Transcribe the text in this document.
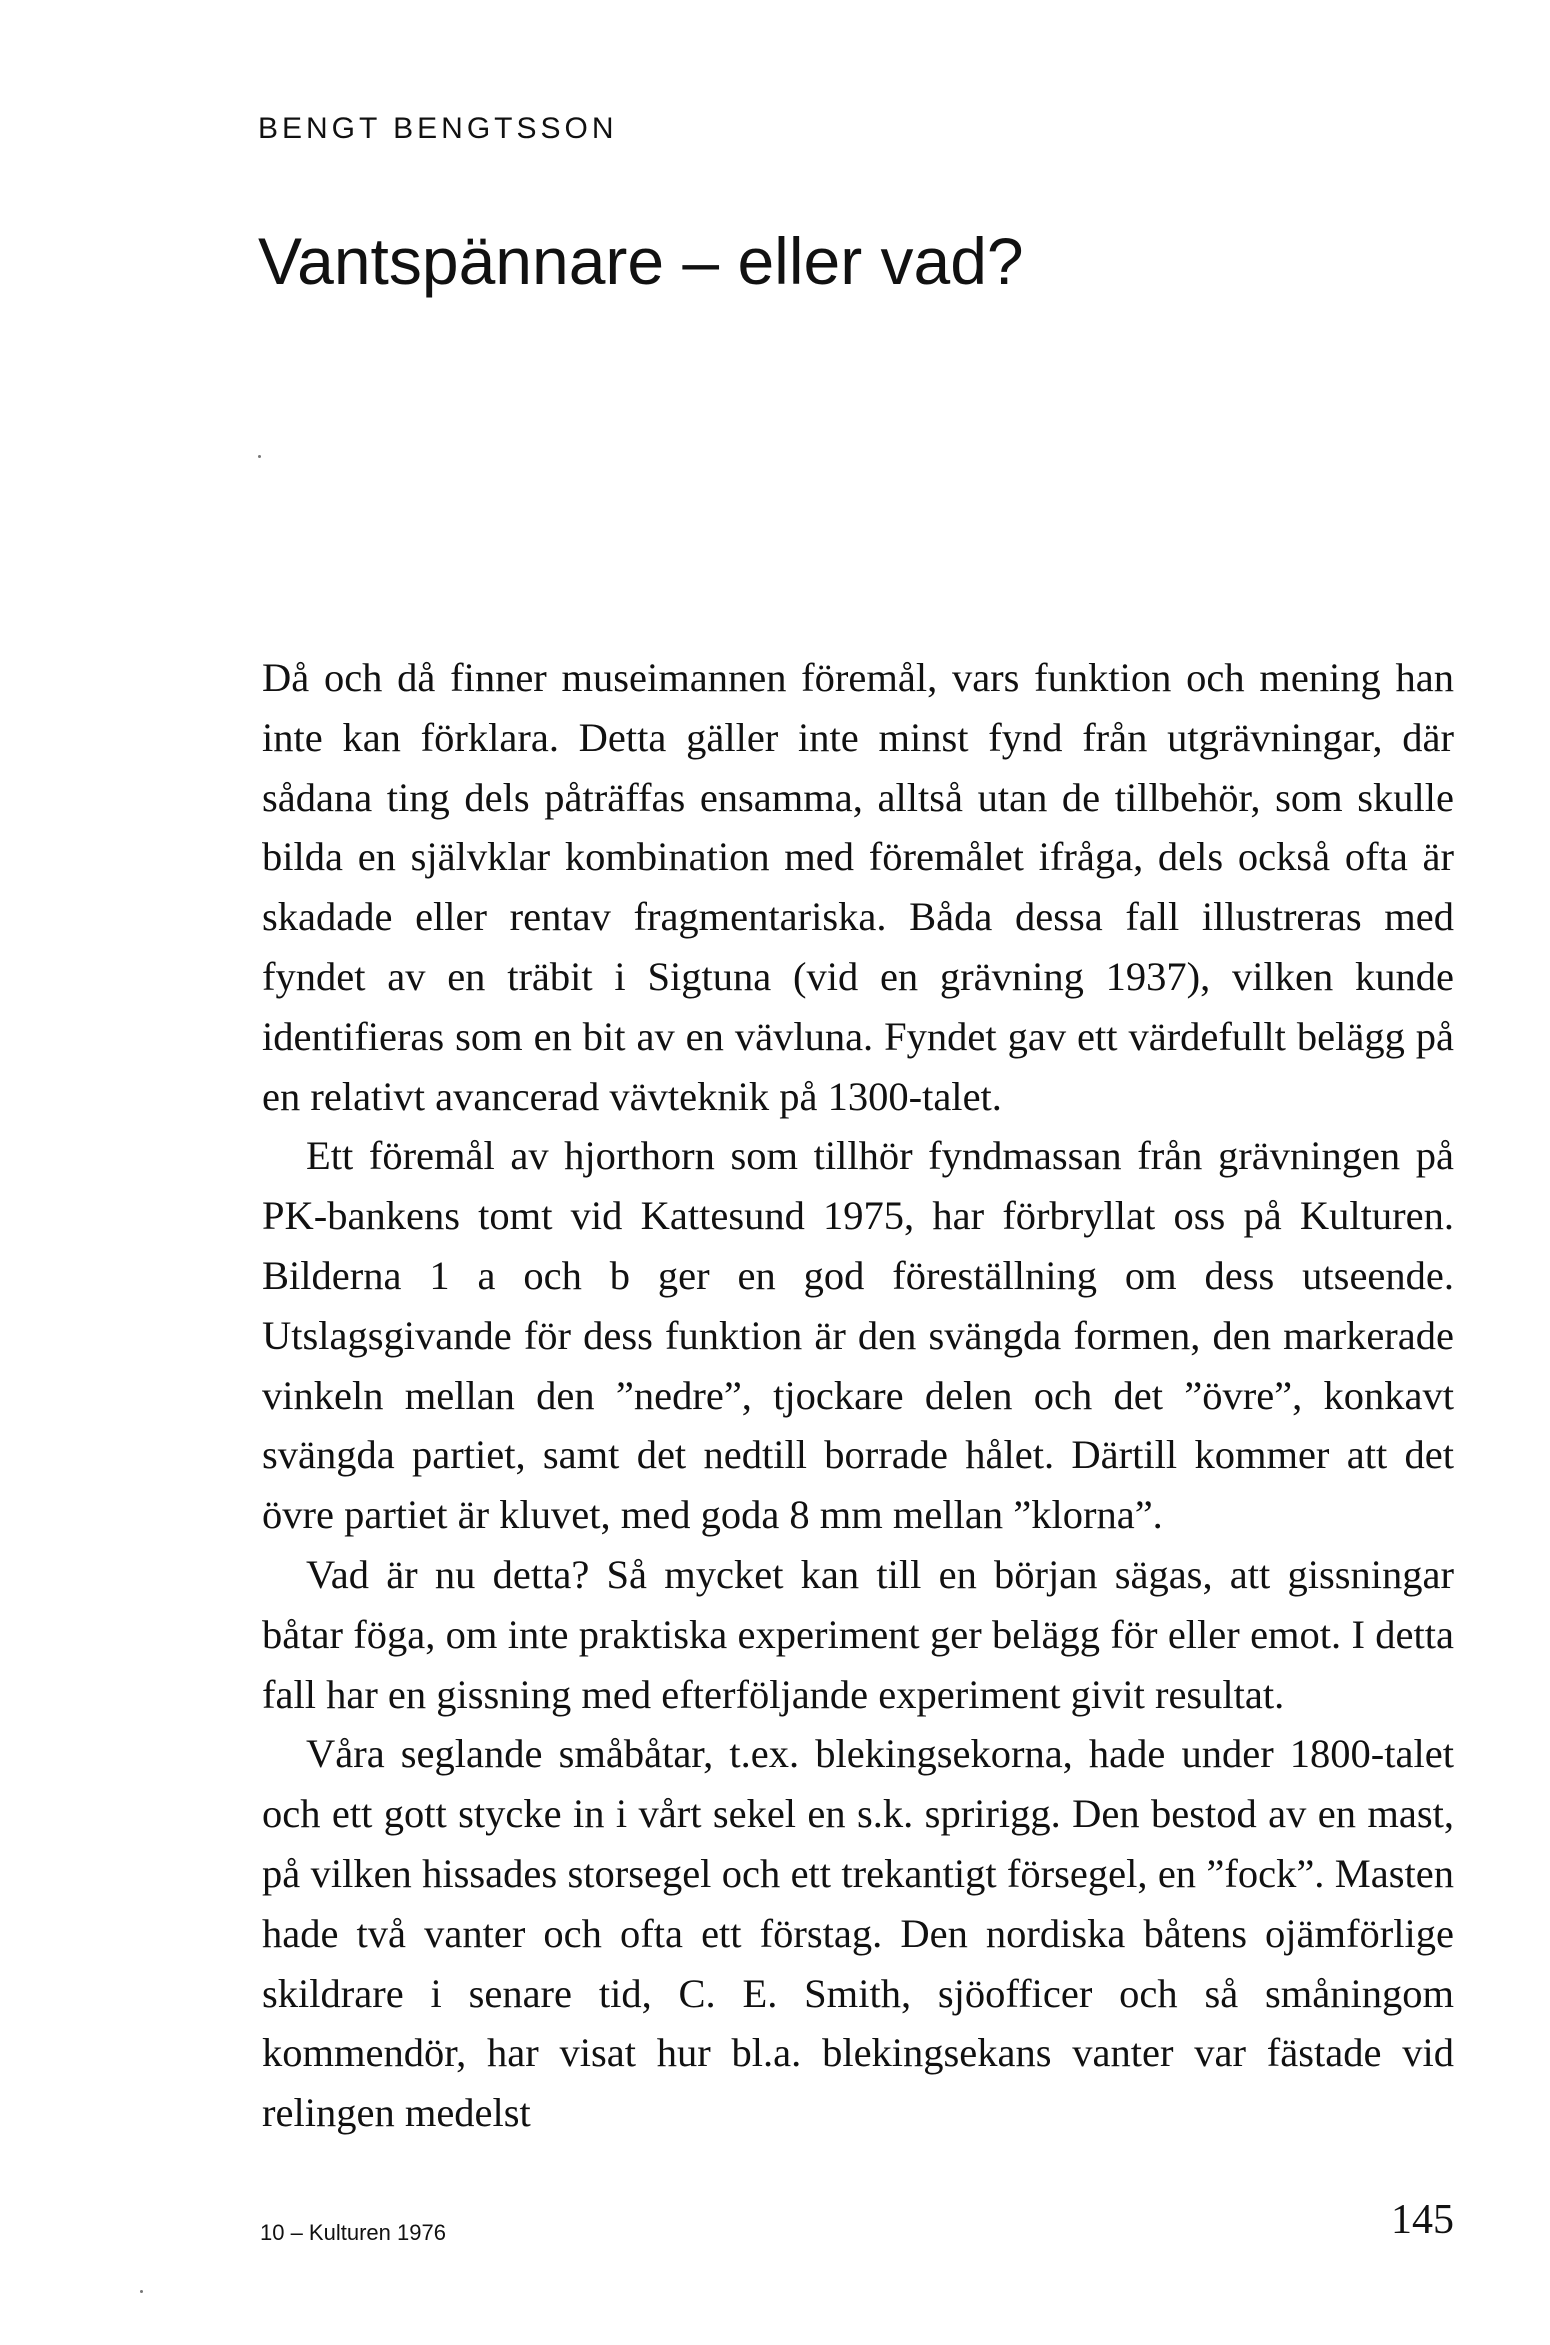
BENGT BENGTSSON
Vantspännare – eller vad?

Då och då finner museimannen föremål, vars funktion och mening han inte kan förklara. Detta gäller inte minst fynd från utgrävningar, där sådana ting dels påträffas ensamma, alltså utan de tillbehör, som skulle bilda en självklar kombination med föremålet ifråga, dels också ofta är skadade eller rentav fragmentariska. Båda dessa fall illustreras med fyndet av en träbit i Sigtuna (vid en grävning 1937), vilken kunde identifieras som en bit av en vävluna. Fyndet gav ett värdefullt belägg på en relativt avancerad vävteknik på 1300-talet.

Ett föremål av hjorthorn som tillhör fyndmassan från grävningen på PK-bankens tomt vid Kattesund 1975, har förbryllat oss på Kulturen. Bilderna 1 a och b ger en god föreställning om dess utseende. Utslagsgivande för dess funktion är den svängda formen, den markerade vinkeln mellan den ”nedre”, tjockare delen och det ”övre”, konkavt svängda partiet, samt det nedtill borrade hålet. Därtill kommer att det övre partiet är kluvet, med goda 8 mm mellan ”klorna”.

Vad är nu detta? Så mycket kan till en början sägas, att gissningar båtar föga, om inte praktiska experiment ger belägg för eller emot. I detta fall har en gissning med efterföljande experiment givit resultat.

Våra seglande småbåtar, t.ex. blekingsekorna, hade under 1800-talet och ett gott stycke in i vårt sekel en s.k. spririgg. Den bestod av en mast, på vilken hissades storsegel och ett trekantigt försegel, en ”fock”. Masten hade två vanter och ofta ett förstag. Den nordiska båtens ojämförlige skildrare i senare tid, C. E. Smith, sjöofficer och så småningom kommendör, har visat hur bl.a. blekingsekans vanter var fästade vid relingen medelst

10 – Kulturen 1976	145
